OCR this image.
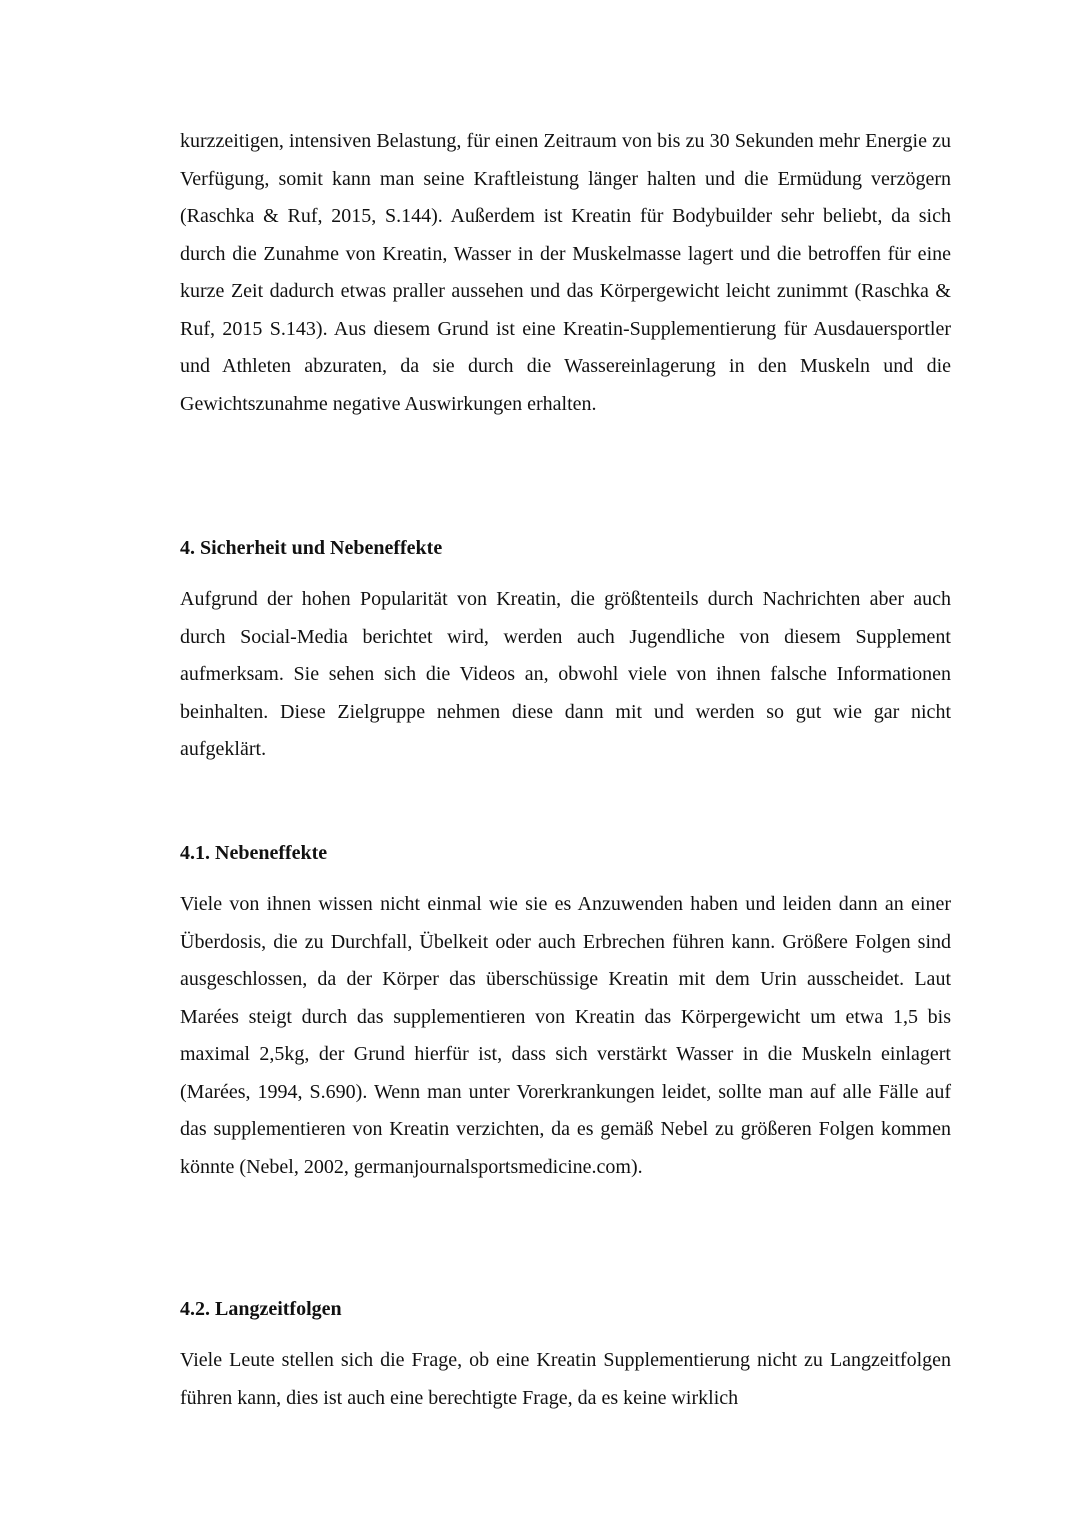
kurzzeitigen, intensiven Belastung, für einen Zeitraum von bis zu 30 Sekunden mehr Energie zu Verfügung, somit kann man seine Kraftleistung länger halten und die Ermüdung verzögern (Raschka & Ruf, 2015, S.144). Außerdem ist Kreatin für Bodybuilder sehr beliebt, da sich durch die Zunahme von Kreatin, Wasser in der Muskelmasse lagert und die betroffen für eine kurze Zeit dadurch etwas praller aussehen und das Körpergewicht leicht zunimmt (Raschka & Ruf, 2015 S.143). Aus diesem Grund ist eine Kreatin-Supplementierung für Ausdauersportler und Athleten abzuraten, da sie durch die Wassereinlagerung in den Muskeln und die Gewichtszunahme negative Auswirkungen erhalten.

4. Sicherheit und Nebeneffekte

Aufgrund der hohen Popularität von Kreatin, die größtenteils durch Nachrichten aber auch durch Social-Media berichtet wird, werden auch Jugendliche von diesem Supplement aufmerksam. Sie sehen sich die Videos an, obwohl viele von ihnen falsche Informationen beinhalten. Diese Zielgruppe nehmen diese dann mit und werden so gut wie gar nicht aufgeklärt.

4.1. Nebeneffekte

Viele von ihnen wissen nicht einmal wie sie es Anzuwenden haben und leiden dann an einer Überdosis, die zu Durchfall, Übelkeit oder auch Erbrechen führen kann. Größere Folgen sind ausgeschlossen, da der Körper das überschüssige Kreatin mit dem Urin ausscheidet. Laut Marées steigt durch das supplementieren von Kreatin das Körpergewicht um etwa 1,5 bis maximal 2,5kg, der Grund hierfür ist, dass sich verstärkt Wasser in die Muskeln einlagert (Marées, 1994, S.690). Wenn man unter Vorerkrankungen leidet, sollte man auf alle Fälle auf das supplementieren von Kreatin verzichten, da es gemäß Nebel zu größeren Folgen kommen könnte (Nebel, 2002, germanjournalsportsmedicine.com).

4.2. Langzeitfolgen

Viele Leute stellen sich die Frage, ob eine Kreatin Supplementierung nicht zu Langzeitfolgen führen kann, dies ist auch eine berechtigte Frage, da es keine wirklich
